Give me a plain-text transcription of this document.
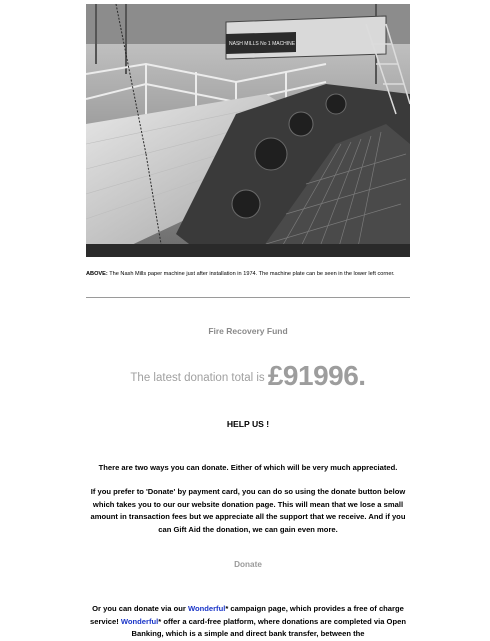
NASH MILLS No 1 MACHINE
ABOVE: The Nash Mills paper machine just after installation in 1974. The machine plate can be seen in the lower left corner.
Fire Recovery Fund
$^{The latest donation total is}$ £91996.
HELP US !
There are two ways you can donate. Either of which will be very much appreciated.
If you prefer to 'Donate' by payment card, you can do so using the donate button below which takes you to our our website donation page. This will mean that we lose a small amount in transaction fees but we appreciate all the support that we receive. And if you can Gift Aid the donation, we can gain even more.
Donate
Or you can donate via our Wonderful* campaign page, which provides a free of charge service! Wonderful* offer a card-free platform, where donations are completed via Open Banking, which is a simple and direct bank transfer, between the
